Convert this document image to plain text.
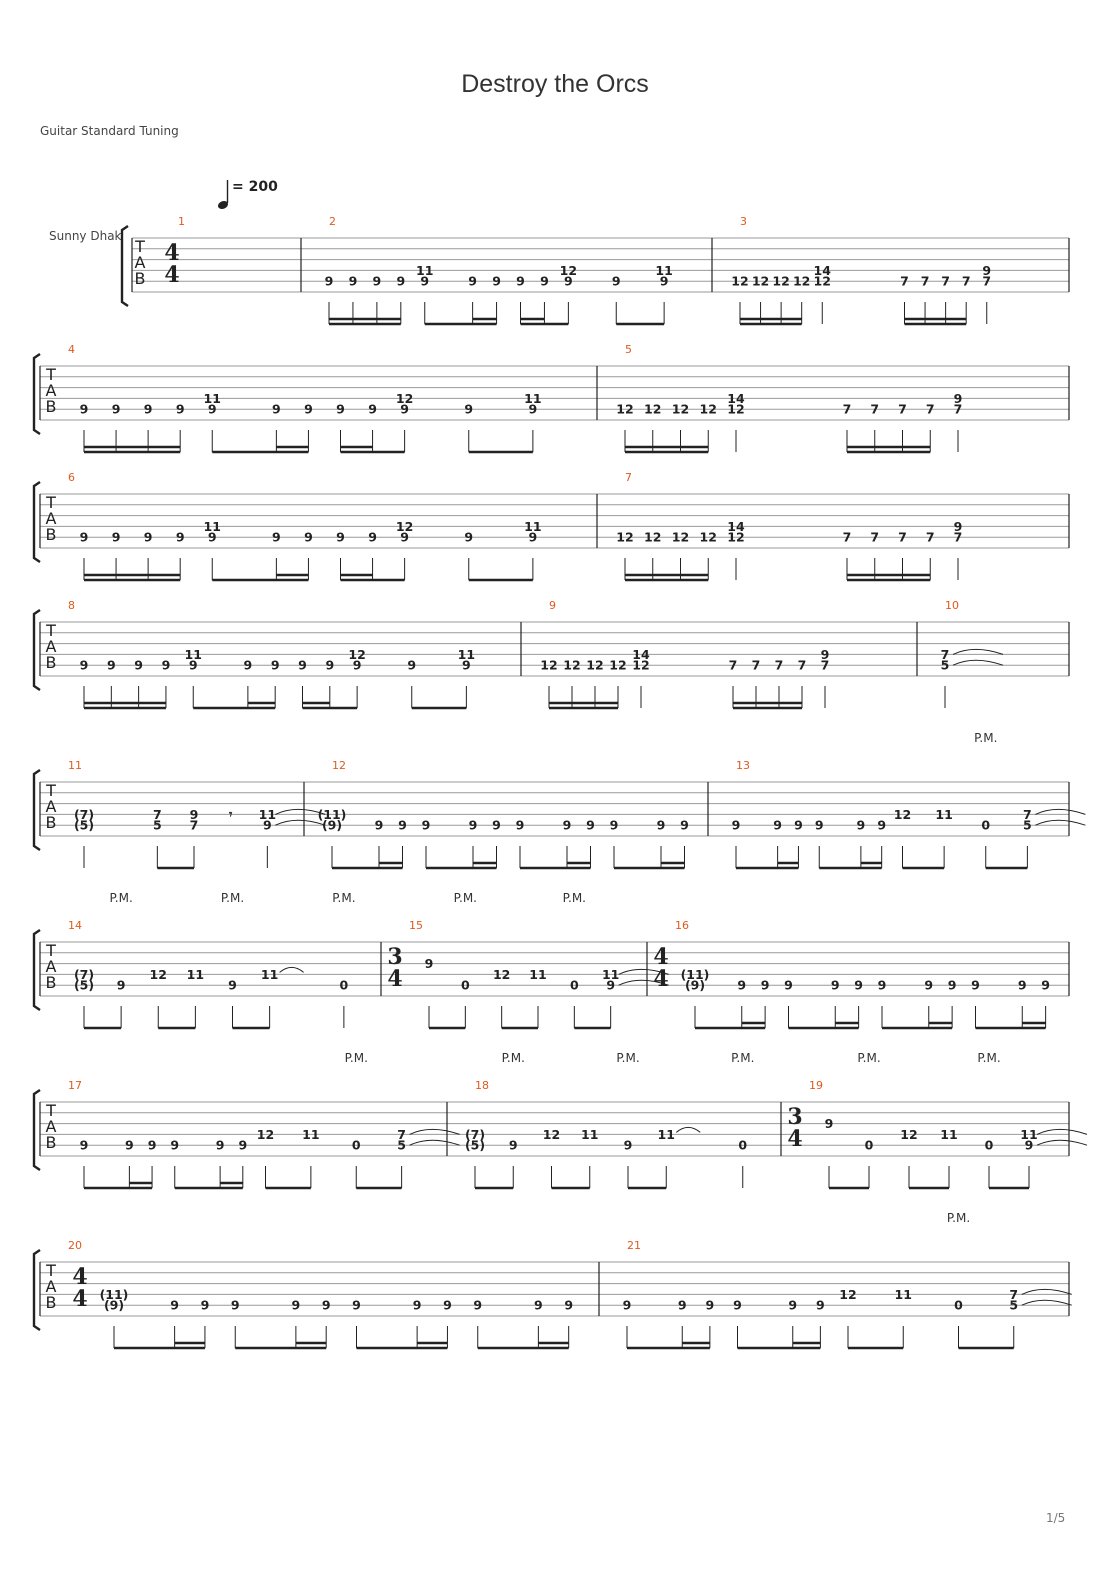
Destroy the Orcs
Guitar Standard Tuning
= 200
Sunny Dhak
1/5
T
A
B
1
4
4
2
9 9 9 9
11
9	9 9 9 9
12
9	9
11
9
3
12 12 12 12
14
12	7 7 7 7
9
7
T
A
B
4
9 9 9 9
11
9	9 9 9 9
12
9	9
11
9
5
12 12 12 12
14
12	7 7 7 7
9
7
T
A
B
6
9 9 9 9
11
9	9 9 9 9
12
9	9
11
9
7
12 12 12 12
14
12	7 7 7 7
9
7
T
A
B
8
9 9 9 9
11
9	9 9 9 9
12
9	9
11
9
9
12 12 12 12
14
12	7 7 7 7
9
7
10
7
5
T
A
B
11
(7)
(5)
7
5
9
7
𝄾 11
9
12
(11)
(9)	9 9 9	9 9 9	9 9 9	9 9
13
9	9 9 9	9 9
12 11
0
P.M.
7
5
T
A
B
14
(7)
(5) 9
P.M.
12 11
9
P.M.
11
0
P.M.
15
3
4
9
0
P.M.
12 11
0
P.M.
11
9
16
4
4 (11)
(9)	9 9 9	9 9 9	9 9 9	9 9
T
A
B
17
9	9 9 9	9 9
12 11
0
P.M.
7
5
18
(7)
(5) 9
P.M.
12 11
9
P.M.
11
0
P.M.
19
3
4
9
0
P.M.
12 11
0
P.M.
11
9
T
A
B
20
4
4 (11)
(9)	9 9 9	9 9 9	9 9 9	9 9
21
9	9 9 9	9 9
12	11
0
P.M.
7
5
